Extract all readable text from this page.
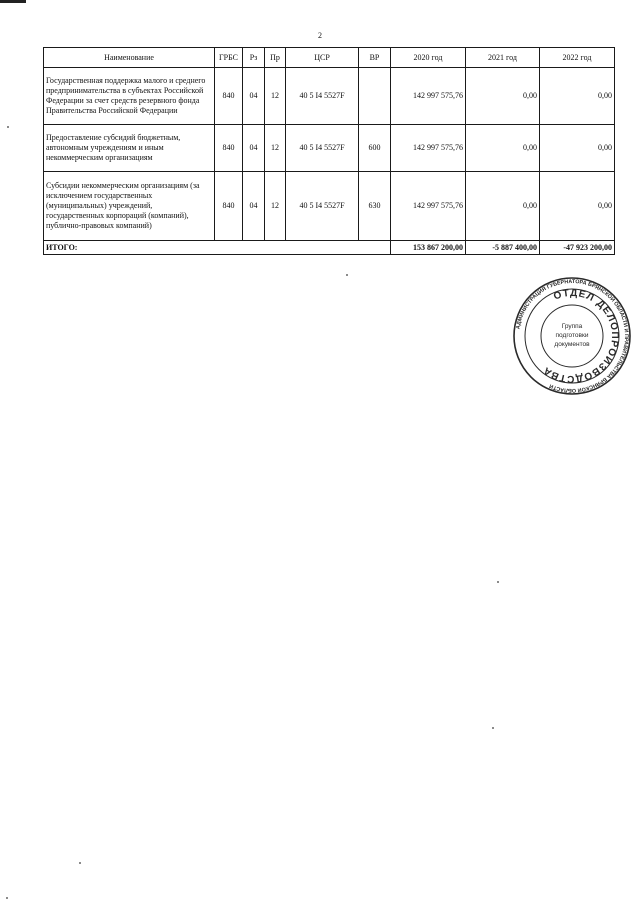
2
Наименование	ГРБС	Рз	Пр	ЦСР	ВР	2020 год	2021 год	2022 год
Государственная поддержка малого и среднего предпринимательства в субъектах Российской Федерации за счет средств резервного фонда Правительства Российской Федерации	840	04	12	40 5 I4 5527F		142 997 575,76	0,00	0,00
Предоставление субсидий бюджетным, автономным учреждениям и иным некоммерческим организациям	840	04	12	40 5 I4 5527F	600	142 997 575,76	0,00	0,00
Субсидии некоммерческим организациям (за исключением государственных (муниципальных) учреждений, государственных корпораций (компаний), публично-правовых компаний)	840	04	12	40 5 I4 5527F	630	142 997 575,76	0,00	0,00
ИТОГО:						153 867 200,00	-5 887 400,00	-47 923 200,00
АДМИНИСТРАЦИЯ ГУБЕРНАТОРА БРЯНСКОЙ ОБЛАСТИ И ПРАВИТЕЛЬСТВА БРЯНСКОЙ ОБЛАСТИ
ОТДЕЛ ДЕЛОПРОИЗВОДСТВА
Группа
подготовки
документов
